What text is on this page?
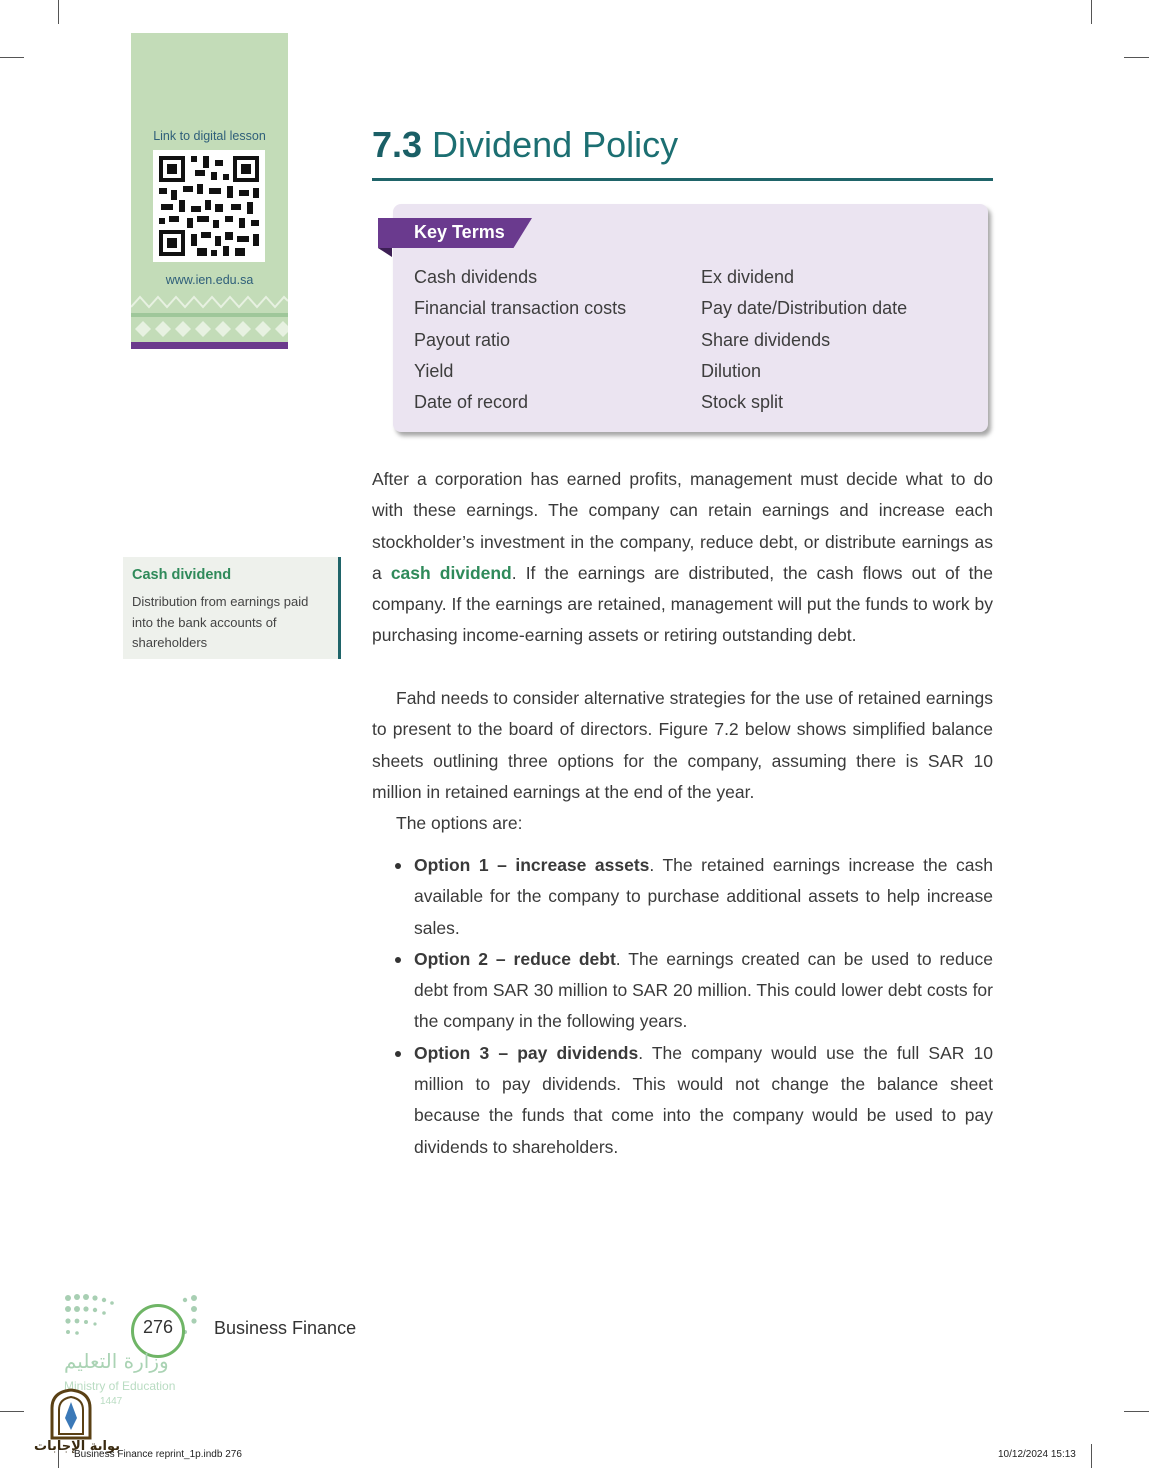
Link to digital lesson
www.ien.edu.sa
7.3 Dividend Policy
Key Terms
Cash dividends
Financial transaction costs
Payout ratio
Yield
Date of record
Ex dividend
Pay date/Distribution date
Share dividends
Dilution
Stock split
Cash dividend
Distribution from earnings paid into the bank accounts of shareholders
After a corporation has earned profits, management must decide what to do with these earnings. The company can retain earnings and increase each stockholder’s investment in the company, reduce debt, or distribute earnings as a cash dividend. If the earnings are distributed, the cash flows out of the company. If the earnings are retained, management will put the funds to work by purchasing income-earning assets or retiring outstanding debt.
Fahd needs to consider alternative strategies for the use of retained earnings to present to the board of directors. Figure 7.2 below shows simplified balance sheets outlining three options for the company, assuming there is SAR 10 million in retained earnings at the end of the year.
The options are:

Option 1 – increase assets. The retained earnings increase the cash available for the company to purchase additional assets to help increase sales.

Option 2 – reduce debt. The earnings created can be used to reduce debt from SAR 30 million to SAR 20 million. This could lower debt costs for the company in the following years.

Option 3 – pay dividends. The company would use the full SAR 10 million to pay dividends. This would not change the balance sheet because the funds that come into the company would be used to pay dividends to shareholders.

276	Business Finance
وزارة التعليم
Ministry of Education
1447
بوابة الإجابات
Business Finance reprint_1p.indb 276	10/12/2024 15:13
